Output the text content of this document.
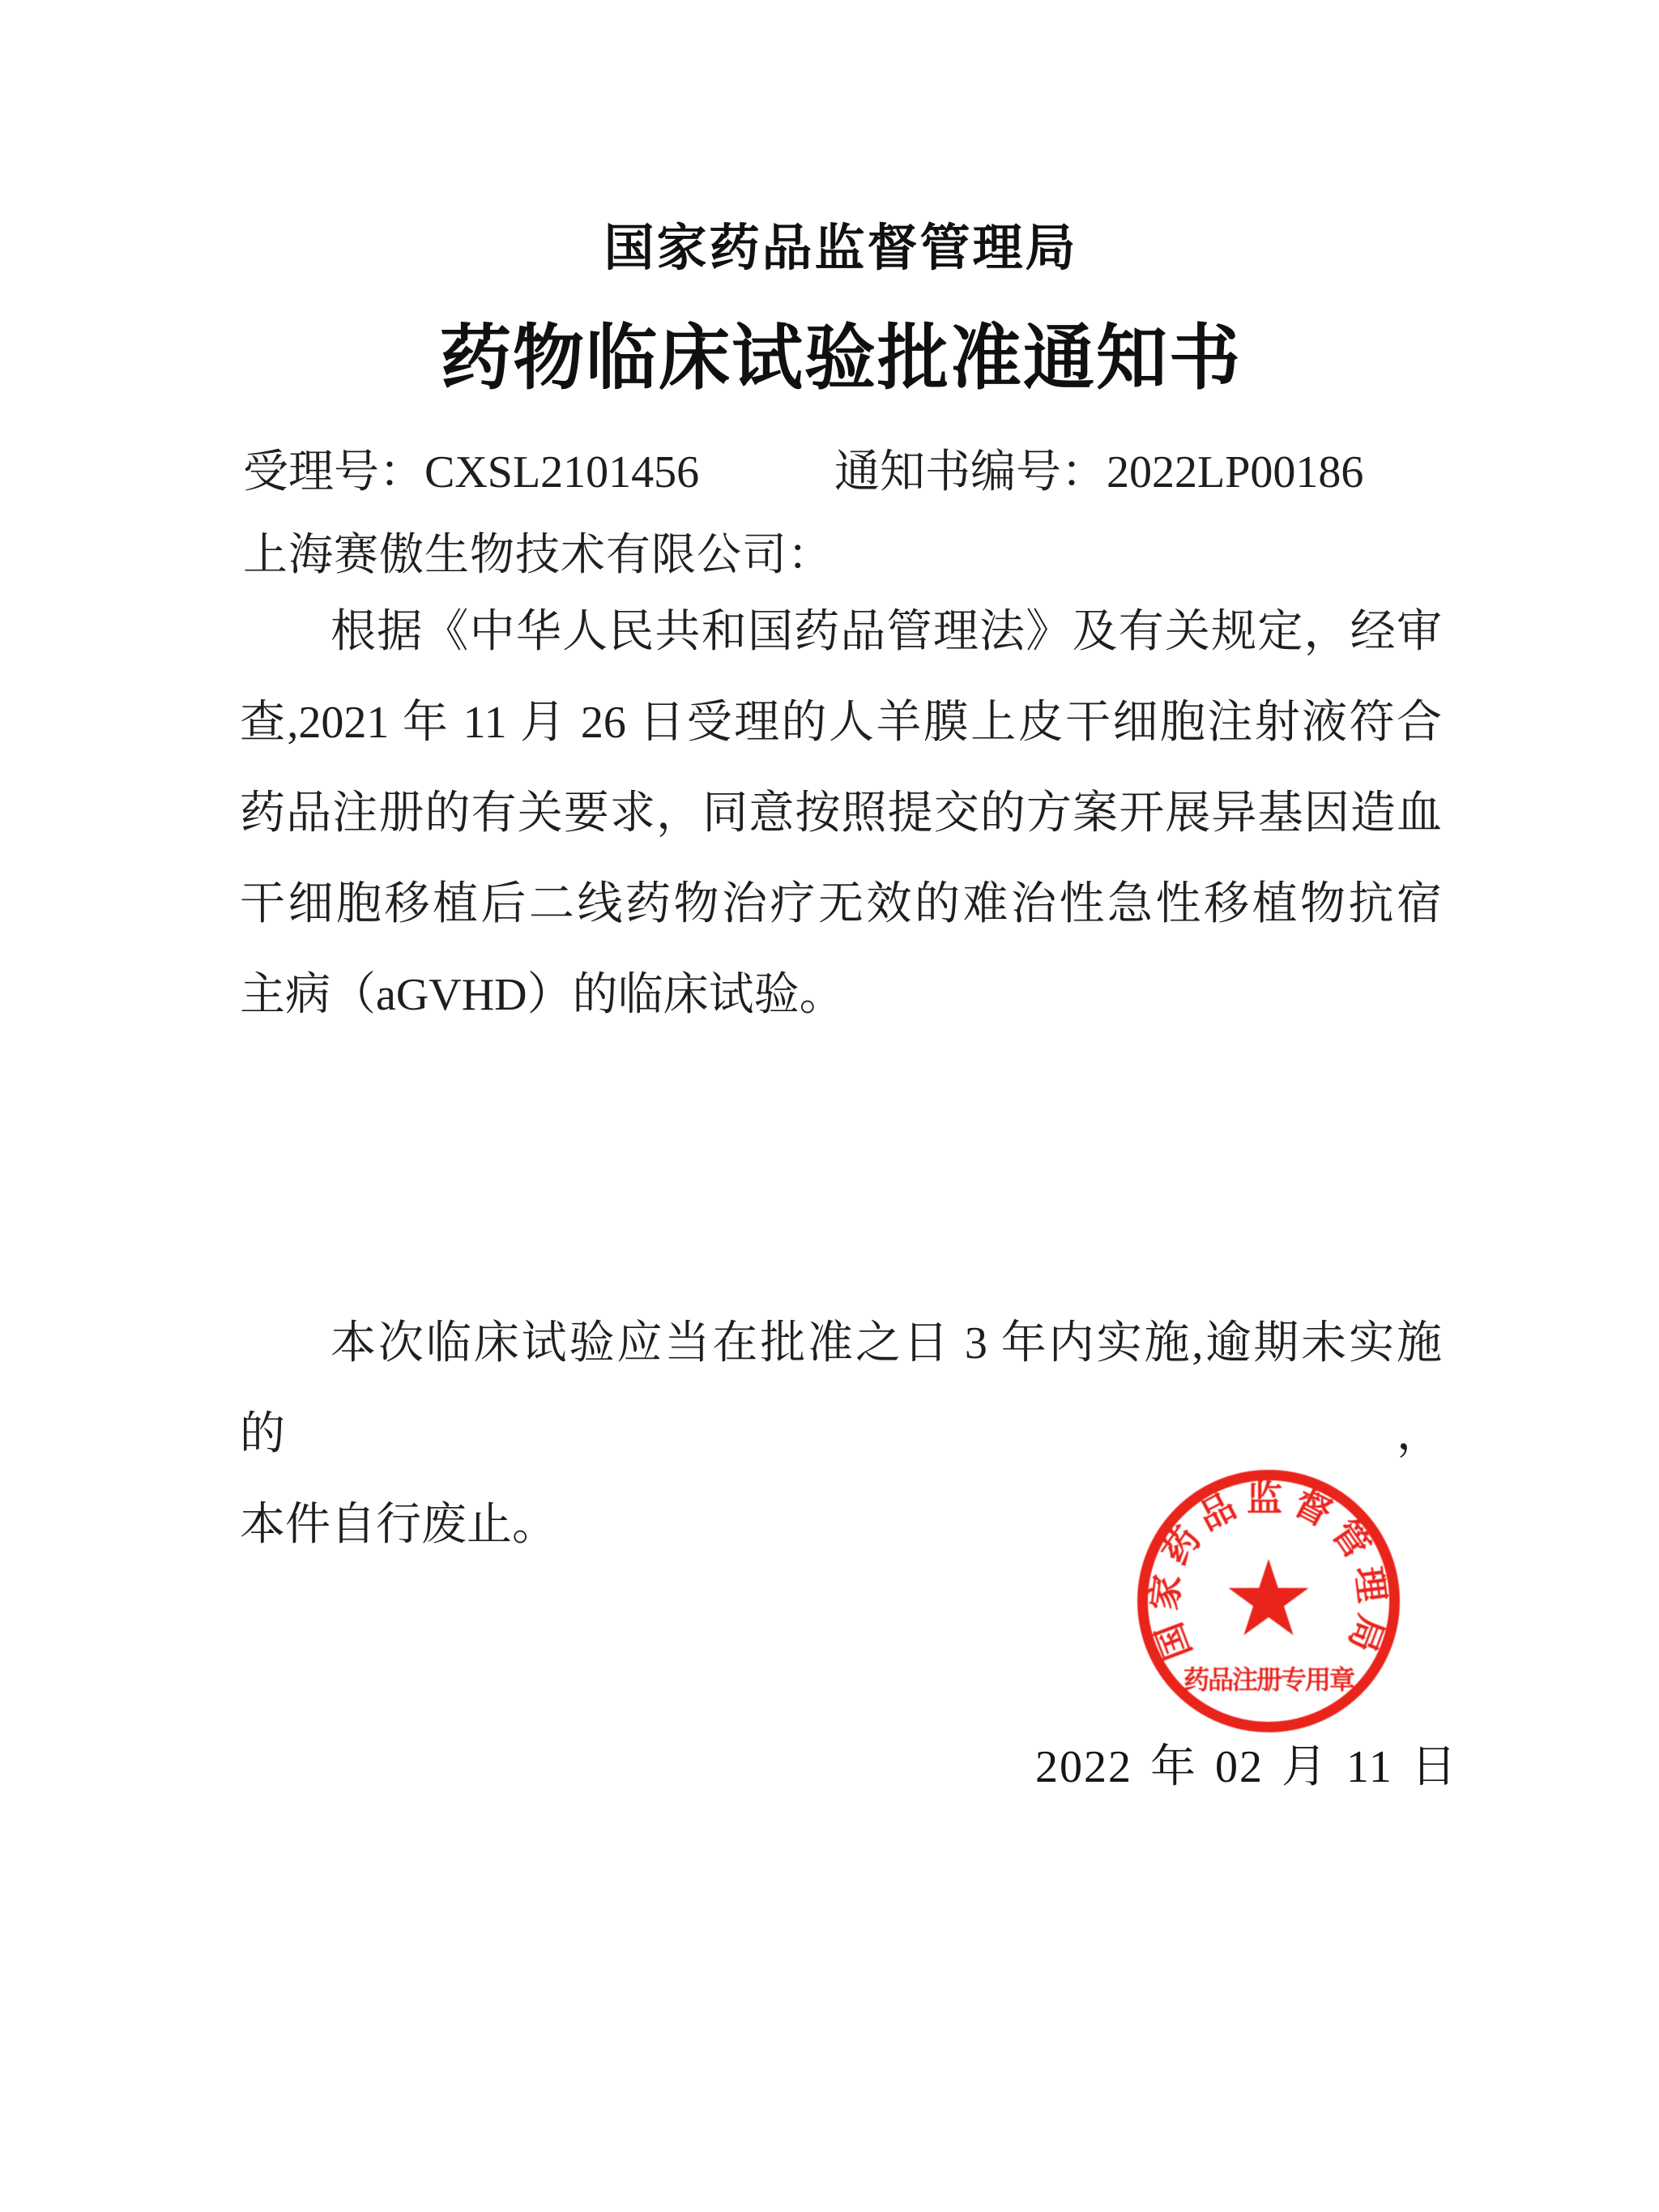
国家药品监督管理局
药物临床试验批准通知书
受理号：CXSL2101456	通知书编号：2022LP00186
上海赛傲生物技术有限公司：
根据《中华人民共和国药品管理法》及有关规定，经审
查,2021 年 11 月 26 日受理的人羊膜上皮干细胞注射液符合
药品注册的有关要求，同意按照提交的方案开展异基因造血
干细胞移植后二线药物治疗无效的难治性急性移植物抗宿
主病（aGVHD）的临床试验。
本次临床试验应当在批准之日 3 年内实施,逾期未实施的，
本件自行废止。
国家药品监督管理局
药品注册专用章
2022 年 02 月 11 日
